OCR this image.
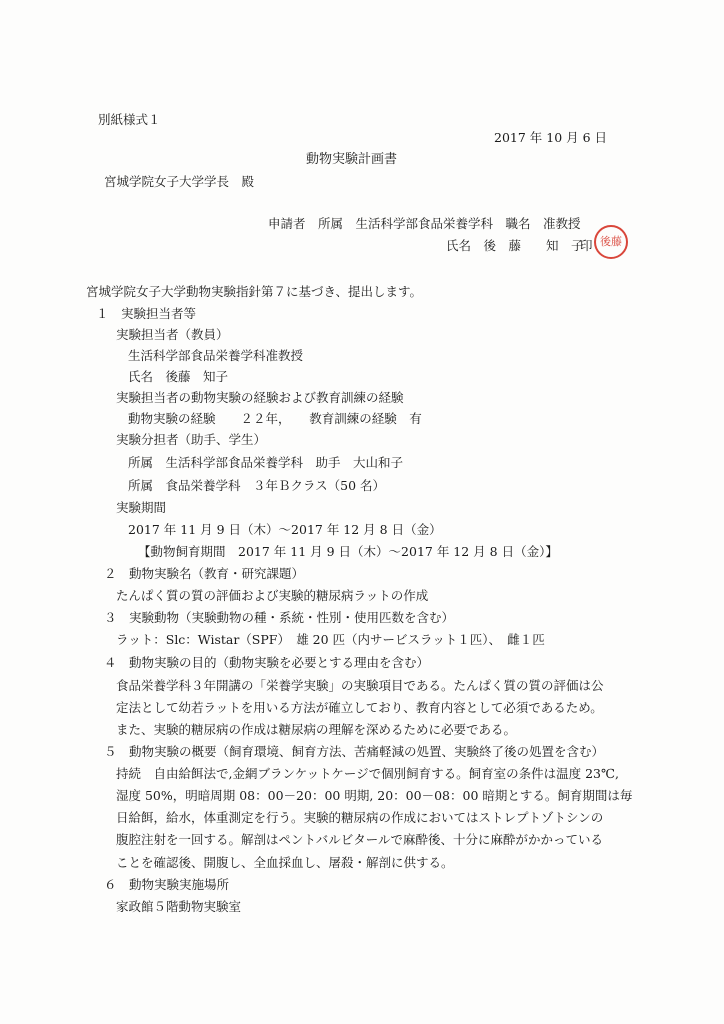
別紙様式１
2017 年 10 月 6 日
動物実験計画書
宮城学院女子大学学長　殿
申請者　所属　生活科学部食品栄養学科　職名　准教授
氏名　後　藤　　知　子
印 後藤
宮城学院女子大学動物実験指針第７に基づき、提出します。
１　実験担当者等
実験担当者（教員）
生活科学部食品栄養学科准教授
氏名　後藤　知子
実験担当者の動物実験の経験および教育訓練の経験
動物実験の経験　　２２年，　　教育訓練の経験　有
実験分担者（助手、学生）
所属　生活科学部食品栄養学科　助手　大山和子
所属　食品栄養学科　３年Ｂクラス（50 名）
実験期間
2017 年 11 月 9 日（木）～2017 年 12 月 8 日（金）
【動物飼育期間　2017 年 11 月 9 日（木）～2017 年 12 月 8 日（金）】
２　動物実験名（教育・研究課題）
たんぱく質の質の評価および実験的糖尿病ラットの作成
３　実験動物（実験動物の種・系統・性別・使用匹数を含む）
ラット：Slc：Wistar（SPF）　雄 20 匹（内サービスラット１匹）、　雌１匹
４　動物実験の目的（動物実験を必要とする理由を含む）
食品栄養学科３年開講の「栄養学実験」の実験項目である。たんぱく質の質の評価は公
定法として幼若ラットを用いる方法が確立しており、教育内容として必須であるため。
また、実験的糖尿病の作成は糖尿病の理解を深めるために必要である。
５　動物実験の概要（飼育環境、飼育方法、苦痛軽減の処置、実験終了後の処置を含む）
持続　自由給餌法で,金網ブランケットケージで個別飼育する。飼育室の条件は温度 23℃,
湿度 50%，明暗周期 08：00－20：00 明期, 20：00－08：00 暗期とする。飼育期間は毎
日給餌，給水，体重測定を行う。実験的糖尿病の作成においてはストレプトゾトシンの
腹腔注射を一回する。解剖はペントバルビタールで麻酔後、十分に麻酔がかかっている
ことを確認後、開腹し、全血採血し、屠殺・解剖に供する。
６　動物実験実施場所
家政館５階動物実験室
